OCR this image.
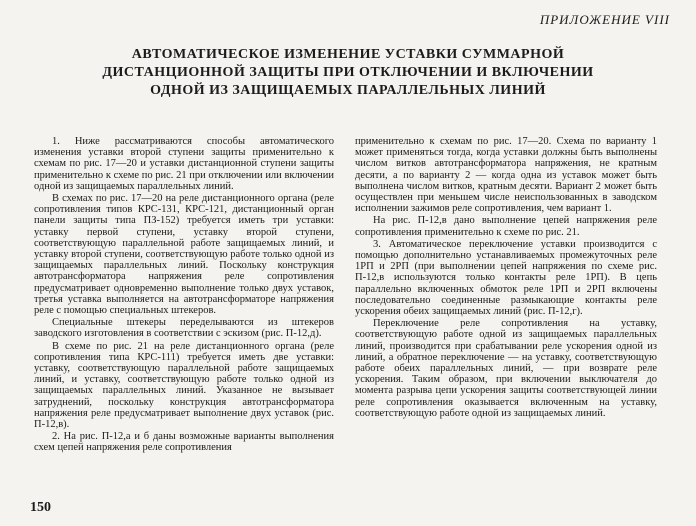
ПРИЛОЖЕНИЕ VIII
АВТОМАТИЧЕСКОЕ ИЗМЕНЕНИЕ УСТАВКИ СУММАРНОЙ
ДИСТАНЦИОННОЙ ЗАЩИТЫ ПРИ ОТКЛЮЧЕНИИ И ВКЛЮЧЕНИИ
ОДНОЙ ИЗ ЗАЩИЩАЕМЫХ ПАРАЛЛЕЛЬНЫХ ЛИНИЙ

1. Ниже рассматриваются способы автоматического изменения уставки второй ступени защиты применительно к схемам по рис. 17—20 и уставки дистанционной ступени защиты применительно к схеме по рис. 21 при отключении или включении одной из защищаемых параллельных линий.

В схемах по рис. 17—20 на реле дистанционного органа (реле сопротивления типов КРС-131, КРС-121, дистанционный орган панели защиты типа ПЗ-152) требуется иметь три уставки: уставку первой ступени, уставку второй ступени, соответствующую параллельной работе защищаемых линий, и уставку второй ступени, соответствующую работе только одной из защищаемых параллельных линий. Поскольку конструкция автотрансформатора напряжения реле сопротивления предусматривает одновременно выполнение только двух уставок, третья уставка выполняется на автотрансформаторе напряжения реле с помощью специальных штекеров.

Специальные штекеры переделываются из штекеров заводского изготовления в соответствии с эскизом (рис. П-12,д).

В схеме по рис. 21 на реле дистанционного органа (реле сопротивления типа КРС-111) требуется иметь две уставки: уставку, соответствующую параллельной работе защищаемых линий, и уставку, соответствующую работе только одной из защищаемых параллельных линий. Указанное не вызывает затруднений, поскольку конструкция автотрансформатора напряжения реле предусматривает выполнение двух уставок (рис. П-12,в).

2. На рис. П-12,а и б даны возможные варианты выполнения схем цепей напряжения реле сопротивления

применительно к схемам по рис. 17—20. Схема по варианту 1 может применяться тогда, когда уставки должны быть выполнены числом витков автотрансформатора напряжения, не кратным десяти, а по варианту 2 — когда одна из уставок может быть выполнена числом витков, кратным десяти. Вариант 2 может быть осуществлен при меньшем числе неиспользованных в заводском исполнении зажимов реле сопротивления, чем вариант 1.

На рис. П-12,в дано выполнение цепей напряжения реле сопротивления применительно к схеме по рис. 21.

3. Автоматическое переключение уставки производится с помощью дополнительно устанавливаемых промежуточных реле 1РП и 2РП (при выполнении цепей напряжения по схеме рис. П-12,в используются только контакты реле 1РП). В цепь параллельно включенных обмоток реле 1РП и 2РП включены последовательно соединенные размыкающие контакты реле ускорения обеих защищаемых линий (рис. П-12,г).

Переключение реле сопротивления на уставку, соответствующую работе одной из защищаемых параллельных линий, производится при срабатывании реле ускорения одной из линий, а обратное переключение — на уставку, соответствующую работе обеих параллельных линий, — при возврате реле ускорения. Таким образом, при включении выключателя до момента разрыва цепи ускорения защиты соответствующей линии реле сопротивления оказывается включенным на уставку, соответствующую работе одной из защищаемых линий.

150
